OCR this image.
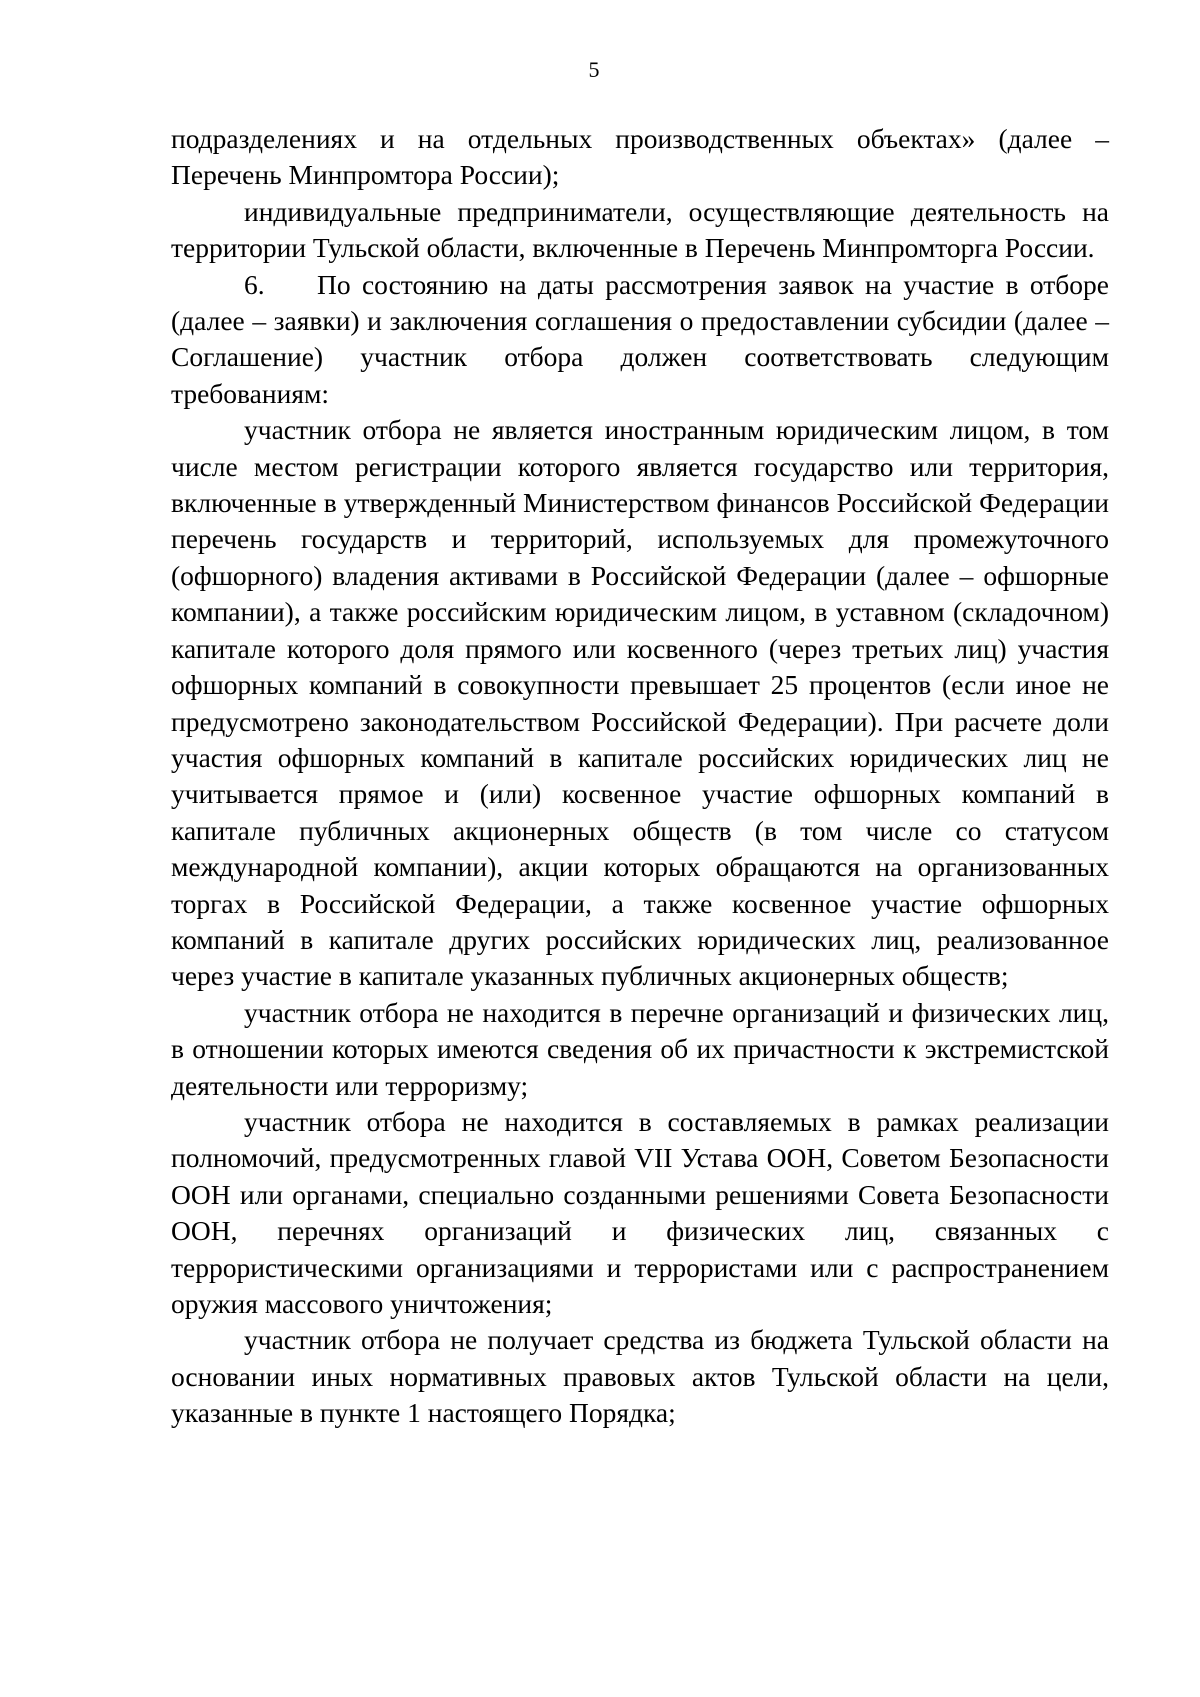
5

подразделениях и на отдельных производственных объектах» (далее – Перечень Минпромтора России);

индивидуальные предприниматели, осуществляющие деятельность на территории Тульской области, включенные в Перечень Минпромторга России.

6. По состоянию на даты рассмотрения заявок на участие в отборе (далее – заявки) и заключения соглашения о предоставлении субсидии (далее – Соглашение) участник отбора должен соответствовать следующим требованиям:

участник отбора не является иностранным юридическим лицом, в том числе местом регистрации которого является государство или территория, включенные в утвержденный Министерством финансов Российской Федерации перечень государств и территорий, используемых для промежуточного (офшорного) владения активами в Российской Федерации (далее – офшорные компании), а также российским юридическим лицом, в уставном (складочном) капитале которого доля прямого или косвенного (через третьих лиц) участия офшорных компаний в совокупности превышает 25 процентов (если иное не предусмотрено законодательством Российской Федерации). При расчете доли участия офшорных компаний в капитале российских юридических лиц не учитывается прямое и (или) косвенное участие офшорных компаний в капитале публичных акционерных обществ (в том числе со статусом международной компании), акции которых обращаются на организованных торгах в Российской Федерации, а также косвенное участие офшорных компаний в капитале других российских юридических лиц, реализованное через участие в капитале указанных публичных акционерных обществ;

участник отбора не находится в перечне организаций и физических лиц, в отношении которых имеются сведения об их причастности к экстремистской деятельности или терроризму;

участник отбора не находится в составляемых в рамках реализации полномочий, предусмотренных главой VII Устава ООН, Советом Безопасности ООН или органами, специально созданными решениями Совета Безопасности ООН, перечнях организаций и физических лиц, связанных с террористическими организациями и террористами или с распространением оружия массового уничтожения;

участник отбора не получает средства из бюджета Тульской области на основании иных нормативных правовых актов Тульской области на цели, указанные в пункте 1 настоящего Порядка;
